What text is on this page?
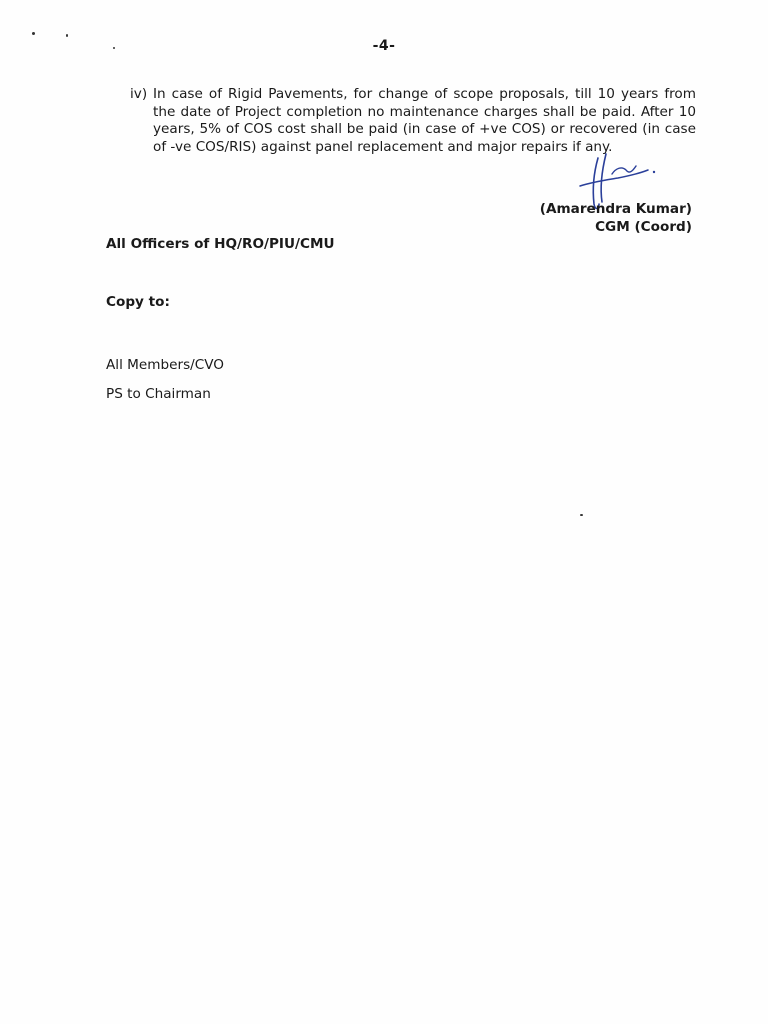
-4-
iv) In case of Rigid Pavements, for change of scope proposals, till 10 years from the date of Project completion no maintenance charges shall be paid. After 10 years, 5% of COS cost shall be paid (in case of +ve COS) or recovered (in case of -ve COS/RIS) against panel replacement and major repairs if any.
(Amarendra Kumar)
CGM (Coord)
All Officers of HQ/RO/PIU/CMU
Copy to:
All Members/CVO
PS to Chairman
